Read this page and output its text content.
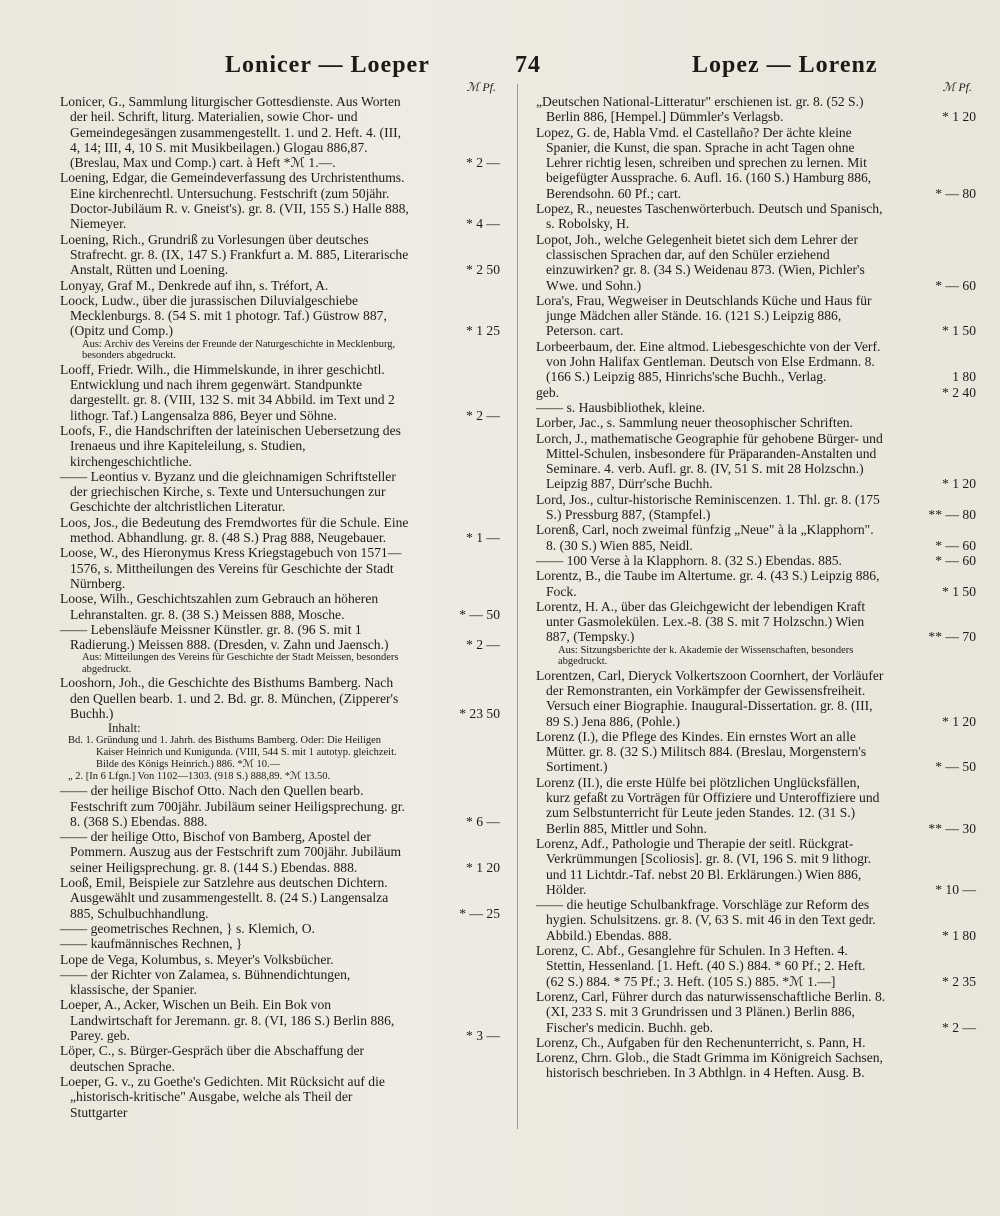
Lonicer — Loeper	74	Lopez — Lorenz
ℳ Pf.
Lonicer, G., Sammlung liturgischer Gottesdienste. Aus Worten der heil. Schrift, liturg. Materialien, sowie Chor- und Gemeindegesängen zusammengestellt. 1. und 2. Heft. 4. (III, 4, 14; III, 4, 10 S. mit Musikbeilagen.) Glogau 886,87. (Breslau, Max und Comp.) cart. à Heft *ℳ 1.—.	* 2 —
Loening, Edgar, die Gemeindeverfassung des Urchristenthums. Eine kirchenrechtl. Untersuchung. Festschrift (zum 50jähr. Doctor-Jubiläum R. v. Gneist's). gr. 8. (VII, 155 S.) Halle 888, Niemeyer.	* 4 —
Loening, Rich., Grundriß zu Vorlesungen über deutsches Strafrecht. gr. 8. (IX, 147 S.) Frankfurt a. M. 885, Literarische Anstalt, Rütten und Loening.	* 2 50
Lonyay, Graf M., Denkrede auf ihn, s. Tréfort, A.
Loock, Ludw., über die jurassischen Diluvialgeschiebe Mecklenburgs. 8. (54 S. mit 1 photogr. Taf.) Güstrow 887, (Opitz und Comp.)	* 1 25
Aus: Archiv des Vereins der Freunde der Naturgeschichte in Mecklenburg, besonders abgedruckt.
Looff, Friedr. Wilh., die Himmelskunde, in ihrer geschichtl. Entwicklung und nach ihrem gegenwärt. Standpunkte dargestellt. gr. 8. (VIII, 132 S. mit 34 Abbild. im Text und 2 lithogr. Taf.) Langensalza 886, Beyer und Söhne.	* 2 —
Loofs, F., die Handschriften der lateinischen Uebersetzung des Irenaeus und ihre Kapiteleilung, s. Studien, kirchengeschichtliche.
—— Leontius v. Byzanz und die gleichnamigen Schriftsteller der griechischen Kirche, s. Texte und Untersuchungen zur Geschichte der altchristlichen Literatur.
Loos, Jos., die Bedeutung des Fremdwortes für die Schule. Eine method. Abhandlung. gr. 8. (48 S.) Prag 888, Neugebauer.	* 1 —
Loose, W., des Hieronymus Kress Kriegstagebuch von 1571—1576, s. Mittheilungen des Vereins für Geschichte der Stadt Nürnberg.
Loose, Wilh., Geschichtszahlen zum Gebrauch an höheren Lehranstalten. gr. 8. (38 S.) Meissen 888, Mosche.	* — 50
—— Lebensläufe Meissner Künstler. gr. 8. (96 S. mit 1 Radierung.) Meissen 888. (Dresden, v. Zahn und Jaensch.)	* 2 —
Aus: Mitteilungen des Vereins für Geschichte der Stadt Meissen, besonders abgedruckt.
Looshorn, Joh., die Geschichte des Bisthums Bamberg. Nach den Quellen bearb. 1. und 2. Bd. gr. 8. München, (Zipperer's Buchh.)	* 23 50
Inhalt:
Bd. 1. Gründung und 1. Jahrh. des Bisthums Bamberg. Oder: Die Heiligen Kaiser Heinrich und Kunigunda. (VIII, 544 S. mit 1 autotyp. gleichzeit. Bilde des Königs Heinrich.) 886. *ℳ 10.—
„ 2. [In 6 Lfgn.] Von 1102—1303. (918 S.) 888,89. *ℳ 13.50.
—— der heilige Bischof Otto. Nach den Quellen bearb. Festschrift zum 700jähr. Jubiläum seiner Heiligsprechung. gr. 8. (368 S.) Ebendas. 888.	* 6 —
—— der heilige Otto, Bischof von Bamberg, Apostel der Pommern. Auszug aus der Festschrift zum 700jähr. Jubiläum seiner Heiligsprechung. gr. 8. (144 S.) Ebendas. 888.	* 1 20
Looß, Emil, Beispiele zur Satzlehre aus deutschen Dichtern. Ausgewählt und zusammengestellt. 8. (24 S.) Langensalza 885, Schulbuchhandlung.	* — 25
—— geometrisches Rechnen, } s. Klemich, O.
—— kaufmännisches Rechnen, }
Lope de Vega, Kolumbus, s. Meyer's Volksbücher.
—— der Richter von Zalamea, s. Bühnendichtungen, klassische, der Spanier.
Loeper, A., Acker, Wischen un Beih. Ein Bok von Landwirtschaft for Jeremann. gr. 8. (VI, 186 S.) Berlin 886, Parey. geb.	* 3 —
Löper, C., s. Bürger-Gespräch über die Abschaffung der deutschen Sprache.
Loeper, G. v., zu Goethe's Gedichten. Mit Rücksicht auf die „historisch-kritische" Ausgabe, welche als Theil der Stuttgarter
ℳ Pf.
„Deutschen National-Litteratur" erschienen ist. gr. 8. (52 S.) Berlin 886, [Hempel.] Dümmler's Verlagsb.	* 1 20
Lopez, G. de, Habla Vmd. el Castellaño? Der ächte kleine Spanier, die Kunst, die span. Sprache in acht Tagen ohne Lehrer richtig lesen, schreiben und sprechen zu lernen. Mit beigefügter Aussprache. 6. Aufl. 16. (160 S.) Hamburg 886, Berendsohn. 60 Pf.; cart.	* — 80
Lopez, R., neuestes Taschenwörterbuch. Deutsch und Spanisch, s. Robolsky, H.
Lopot, Joh., welche Gelegenheit bietet sich dem Lehrer der classischen Sprachen dar, auf den Schüler erziehend einzuwirken? gr. 8. (34 S.) Weidenau 873. (Wien, Pichler's Wwe. und Sohn.)	* — 60
Lora's, Frau, Wegweiser in Deutschlands Küche und Haus für junge Mädchen aller Stände. 16. (121 S.) Leipzig 886, Peterson. cart.	* 1 50
Lorbeerbaum, der. Eine altmod. Liebesgeschichte von der Verf. von John Halifax Gentleman. Deutsch von Else Erdmann. 8. (166 S.) Leipzig 885, Hinrichs'sche Buchh., Verlag.	1 80
geb.	* 2 40
—— s. Hausbibliothek, kleine.
Lorber, Jac., s. Sammlung neuer theosophischer Schriften.
Lorch, J., mathematische Geographie für gehobene Bürger- und Mittel-Schulen, insbesondere für Präparanden-Anstalten und Seminare. 4. verb. Aufl. gr. 8. (IV, 51 S. mit 28 Holzschn.) Leipzig 887, Dürr'sche Buchh.	* 1 20
Lord, Jos., cultur-historische Reminiscenzen. 1. Thl. gr. 8. (175 S.) Pressburg 887, (Stampfel.)	** — 80
Lorenß, Carl, noch zweimal fünfzig „Neue" à la „Klapphorn". 8. (30 S.) Wien 885, Neidl.	* — 60
—— 100 Verse à la Klapphorn. 8. (32 S.) Ebendas. 885.	* — 60
Lorentz, B., die Taube im Altertume. gr. 4. (43 S.) Leipzig 886, Fock.	* 1 50
Lorentz, H. A., über das Gleichgewicht der lebendigen Kraft unter Gasmolekülen. Lex.-8. (38 S. mit 7 Holzschn.) Wien 887, (Tempsky.)	** — 70
Aus: Sitzungsberichte der k. Akademie der Wissenschaften, besonders abgedruckt.
Lorentzen, Carl, Dieryck Volkertszoon Coornhert, der Vorläufer der Remonstranten, ein Vorkämpfer der Gewissensfreiheit. Versuch einer Biographie. Inaugural-Dissertation. gr. 8. (III, 89 S.) Jena 886, (Pohle.)	* 1 20
Lorenz (I.), die Pflege des Kindes. Ein ernstes Wort an alle Mütter. gr. 8. (32 S.) Militsch 884. (Breslau, Morgenstern's Sortiment.)	* — 50
Lorenz (II.), die erste Hülfe bei plötzlichen Unglücksfällen, kurz gefaßt zu Vorträgen für Offiziere und Unteroffiziere und zum Selbstunterricht für Leute jeden Standes. 12. (31 S.) Berlin 885, Mittler und Sohn.	** — 30
Lorenz, Adf., Pathologie und Therapie der seitl. Rückgrat-Verkrümmungen [Scoliosis]. gr. 8. (VI, 196 S. mit 9 lithogr. und 11 Lichtdr.-Taf. nebst 20 Bl. Erklärungen.) Wien 886, Hölder.	* 10 —
—— die heutige Schulbankfrage. Vorschläge zur Reform des hygien. Schulsitzens. gr. 8. (V, 63 S. mit 46 in den Text gedr. Abbild.) Ebendas. 888.	* 1 80
Lorenz, C. Abf., Gesanglehre für Schulen. In 3 Heften. 4. Stettin, Hessenland. [1. Heft. (40 S.) 884. * 60 Pf.; 2. Heft. (62 S.) 884. * 75 Pf.; 3. Heft. (105 S.) 885. *ℳ 1.—]	* 2 35
Lorenz, Carl, Führer durch das naturwissenschaftliche Berlin. 8. (XI, 233 S. mit 3 Grundrissen und 3 Plänen.) Berlin 886, Fischer's medicin. Buchh. geb.	* 2 —
Lorenz, Ch., Aufgaben für den Rechenunterricht, s. Pann, H.
Lorenz, Chrn. Glob., die Stadt Grimma im Königreich Sachsen, historisch beschrieben. In 3 Abthlgn. in 4 Heften. Ausg. B.
